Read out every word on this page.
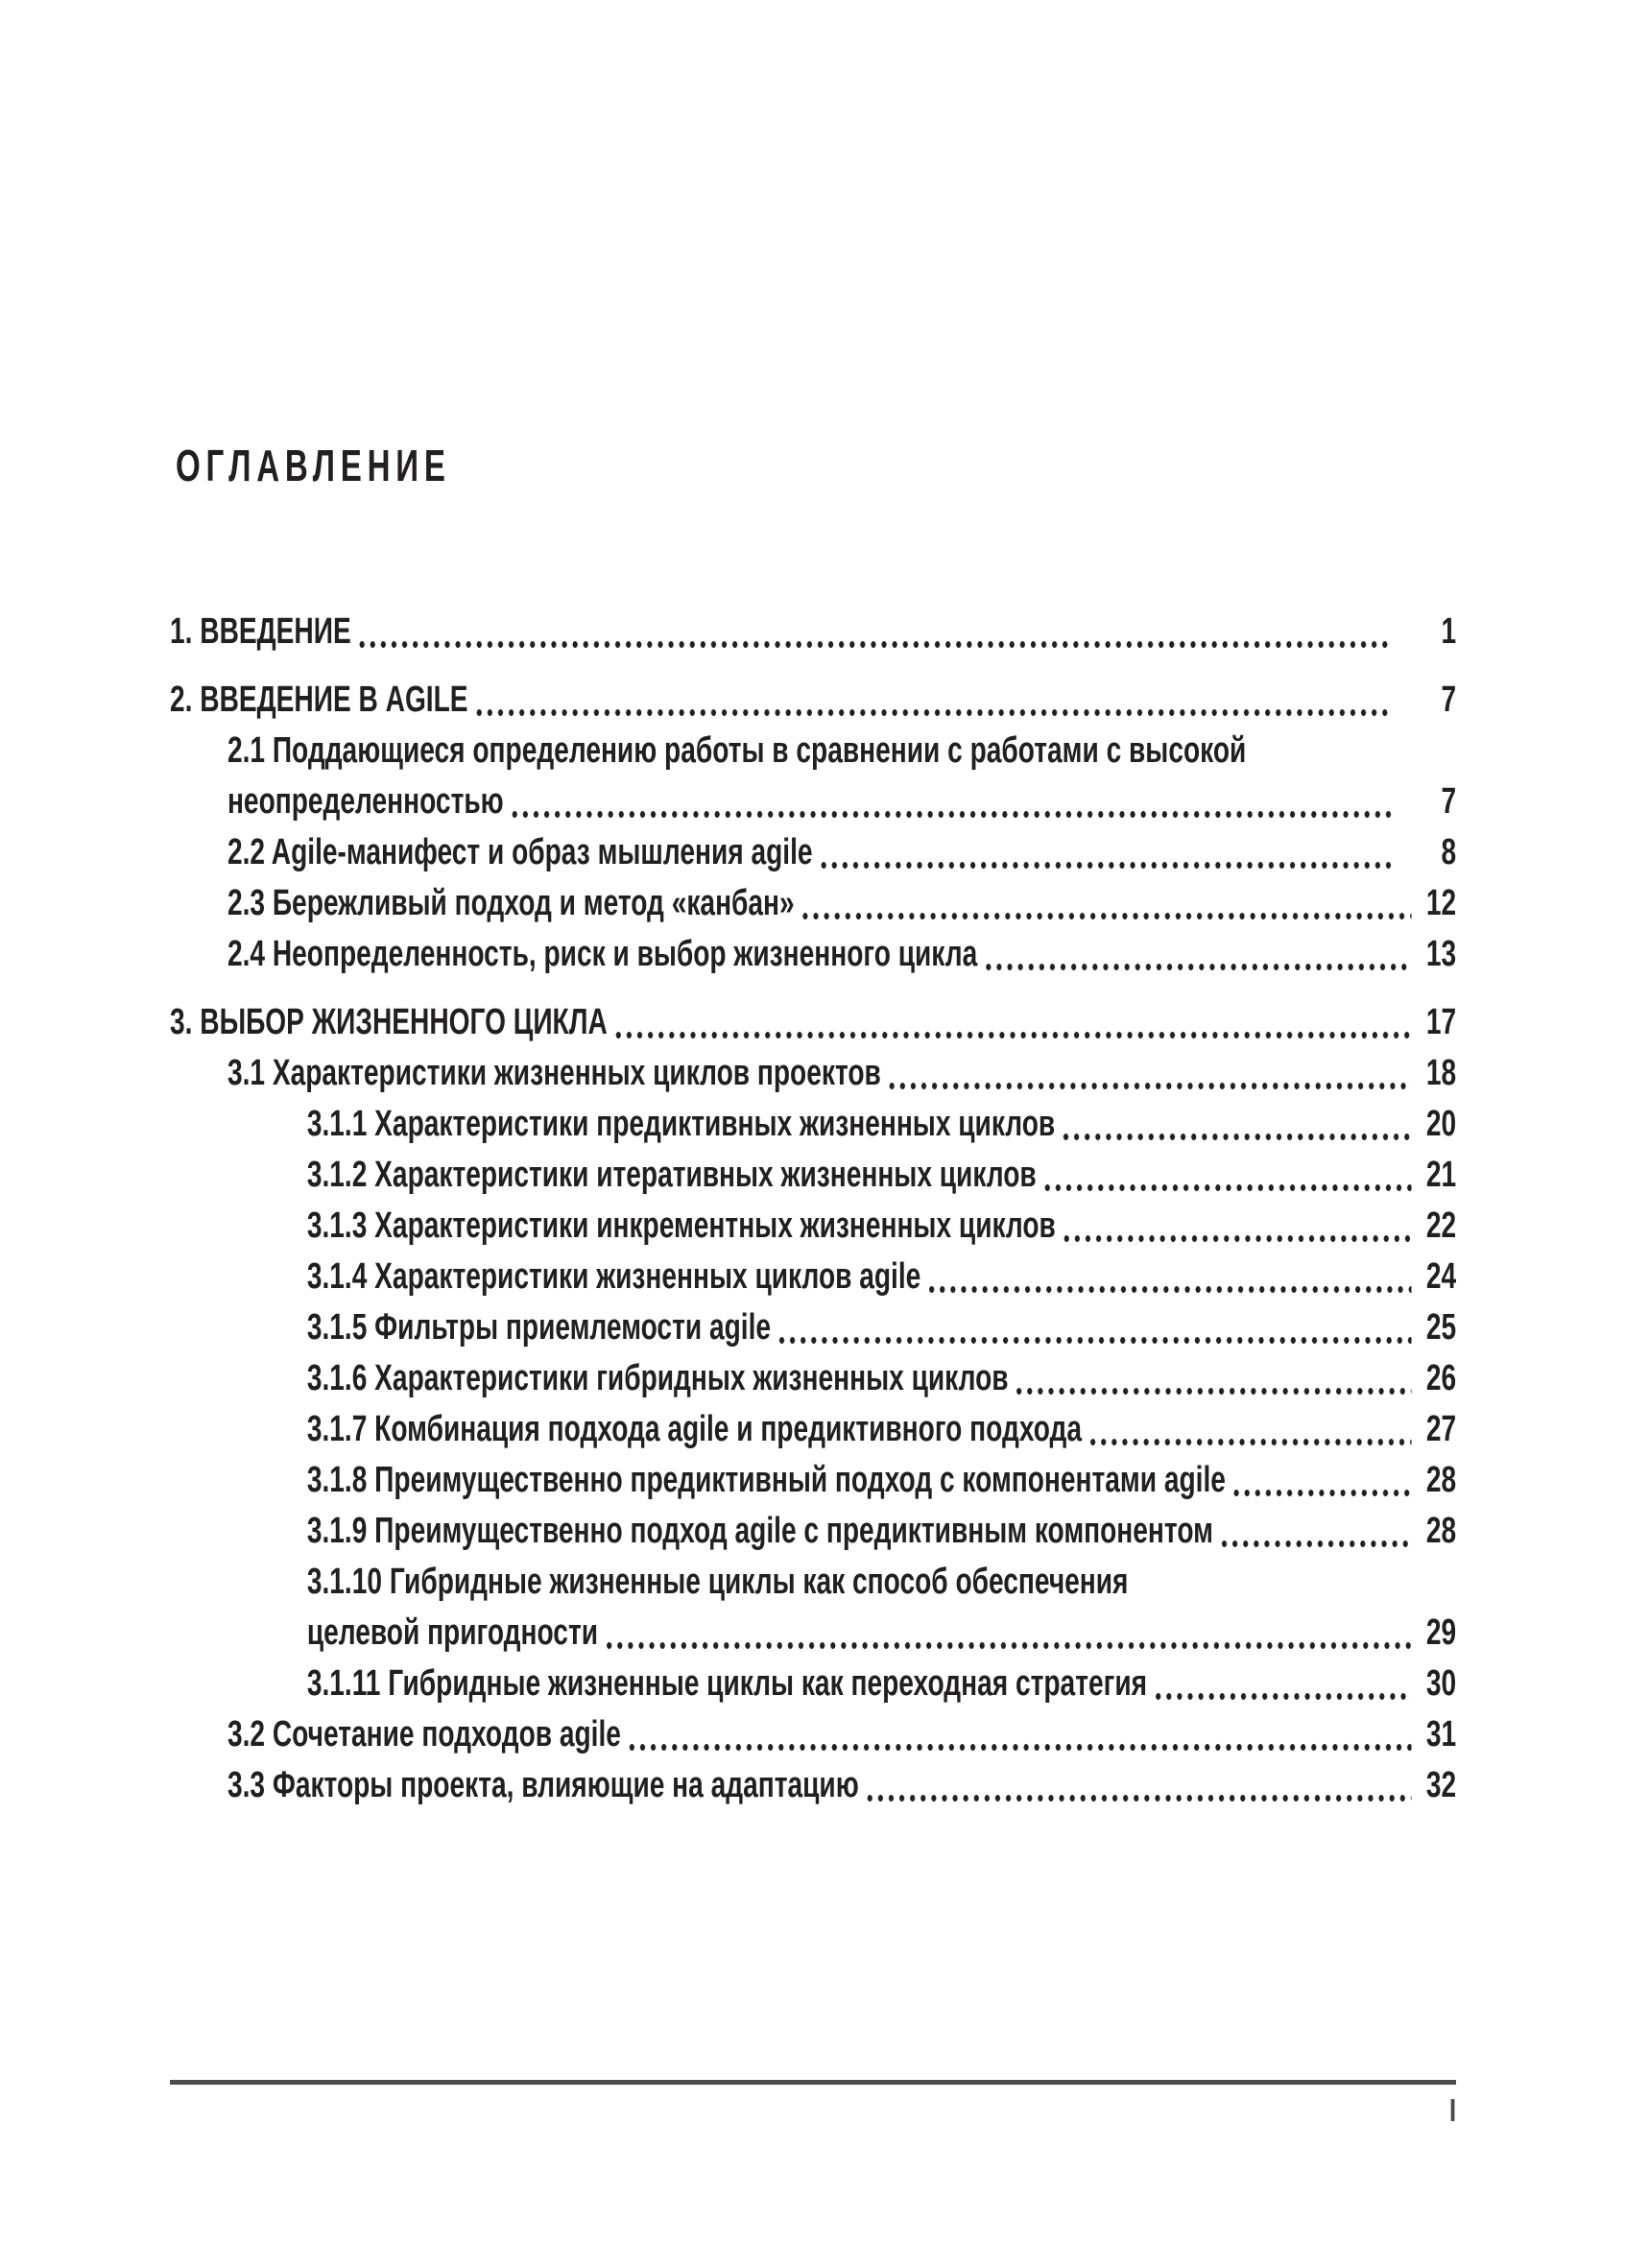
ОГЛАВЛЕНИЕ
1. ВВЕДЕНИЕ	1
2. ВВЕДЕНИЕ В AGILE	7
2.1 Поддающиеся определению работы в сравнении с работами с высокой
неопределенностью	7
2.2 Agile-манифест и образ мышления agile	8
2.3 Бережливый подход и метод «канбан»	12
2.4 Неопределенность, риск и выбор жизненного цикла	13
3. ВЫБОР ЖИЗНЕННОГО ЦИКЛА	17
3.1 Характеристики жизненных циклов проектов	18
3.1.1 Характеристики предиктивных жизненных циклов	20
3.1.2 Характеристики итеративных жизненных циклов	21
3.1.3 Характеристики инкрементных жизненных циклов	22
3.1.4 Характеристики жизненных циклов agile	24
3.1.5 Фильтры приемлемости agile	25
3.1.6 Характеристики гибридных жизненных циклов	26
3.1.7 Комбинация подхода agile и предиктивного подхода	27
3.1.8 Преимущественно предиктивный подход с компонентами agile	28
3.1.9 Преимущественно подход agile с предиктивным компонентом	28
3.1.10 Гибридные жизненные циклы как способ обеспечения
целевой пригодности	29
3.1.11 Гибридные жизненные циклы как переходная стратегия	30
3.2 Сочетание подходов agile	31
3.3 Факторы проекта, влияющие на адаптацию	32
I
